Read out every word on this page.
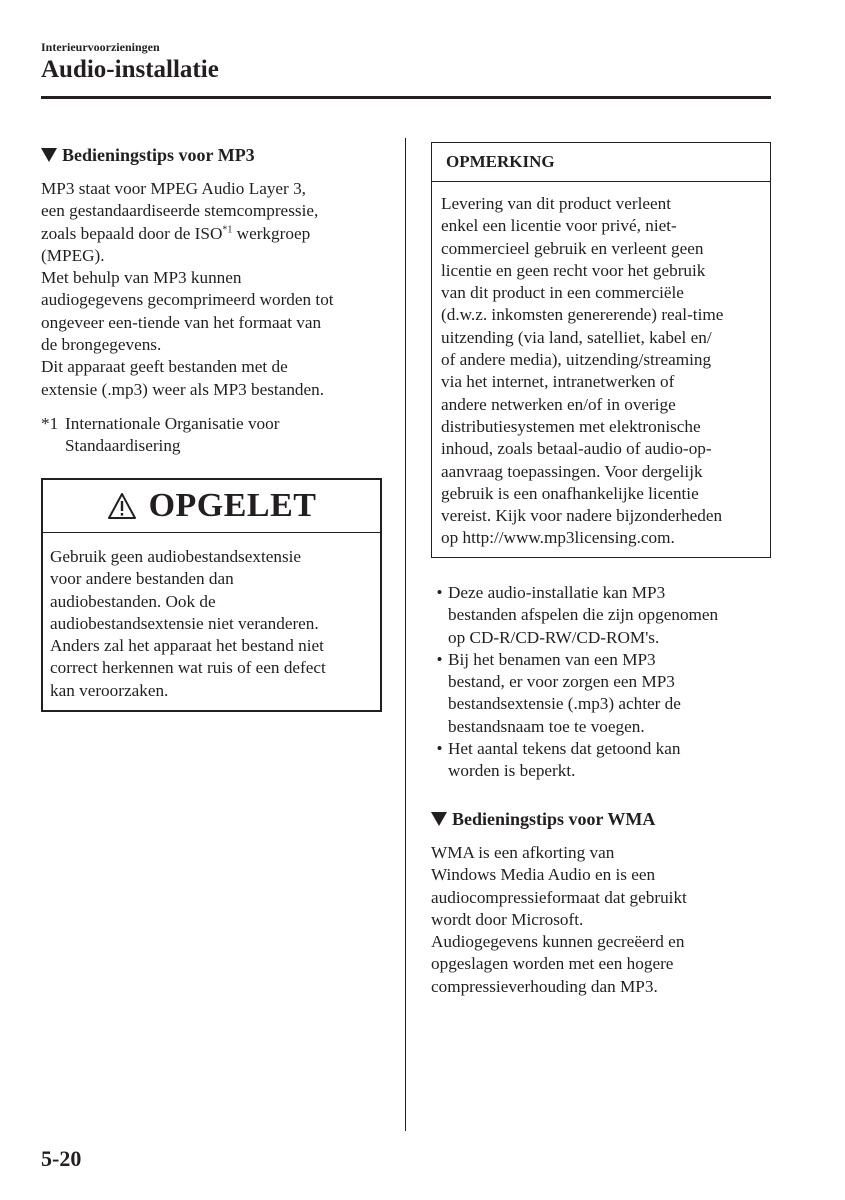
Interieurvoorzieningen
Audio-installatie
Bedieningstips voor MP3

MP3 staat voor MPEG Audio Layer 3,

een gestandaardiseerde stemcompressie,

zoals bepaald door de ISO$^{*1}$ werkgroep

(MPEG).

Met behulp van MP3 kunnen

audiogegevens gecomprimeerd worden tot

ongeveer een-tiende van het formaat van

de brongegevens.

Dit apparaat geeft bestanden met de

extensie (.mp3) weer als MP3 bestanden.

*1 Internationale Organisatie voor
Standaardisering
OPGELET
Gebruik geen audiobestandsextensie
voor andere bestanden dan
audiobestanden. Ook de
audiobestandsextensie niet veranderen.
Anders zal het apparaat het bestand niet
correct herkennen wat ruis of een defect
kan veroorzaken.
OPMERKING
Levering van dit product verleent
enkel een licentie voor privé, niet-
commercieel gebruik en verleent geen
licentie en geen recht voor het gebruik
van dit product in een commerciële
(d.w.z. inkomsten genererende) real-time
uitzending (via land, satelliet, kabel en/
of andere media), uitzending/streaming
via het internet, intranetwerken of
andere netwerken en/of in overige
distributiesystemen met elektronische
inhoud, zoals betaal-audio of audio-op-
aanvraag toepassingen. Voor dergelijk
gebruik is een onafhankelijke licentie
vereist. Kijk voor nadere bijzonderheden
op http://www.mp3licensing.com.
• Deze audio-installatie kan MP3
bestanden afspelen die zijn opgenomen
op CD-R/CD-RW/CD-ROM's.
• Bij het benamen van een MP3
bestand, er voor zorgen een MP3
bestandsextensie (.mp3) achter de
bestandsnaam toe te voegen.
• Het aantal tekens dat getoond kan
worden is beperkt.
Bedieningstips voor WMA

WMA is een afkorting van

Windows Media Audio en is een

audiocompressieformaat dat gebruikt

wordt door Microsoft.

Audiogegevens kunnen gecreëerd en

opgeslagen worden met een hogere

compressieverhouding dan MP3.

5-20
